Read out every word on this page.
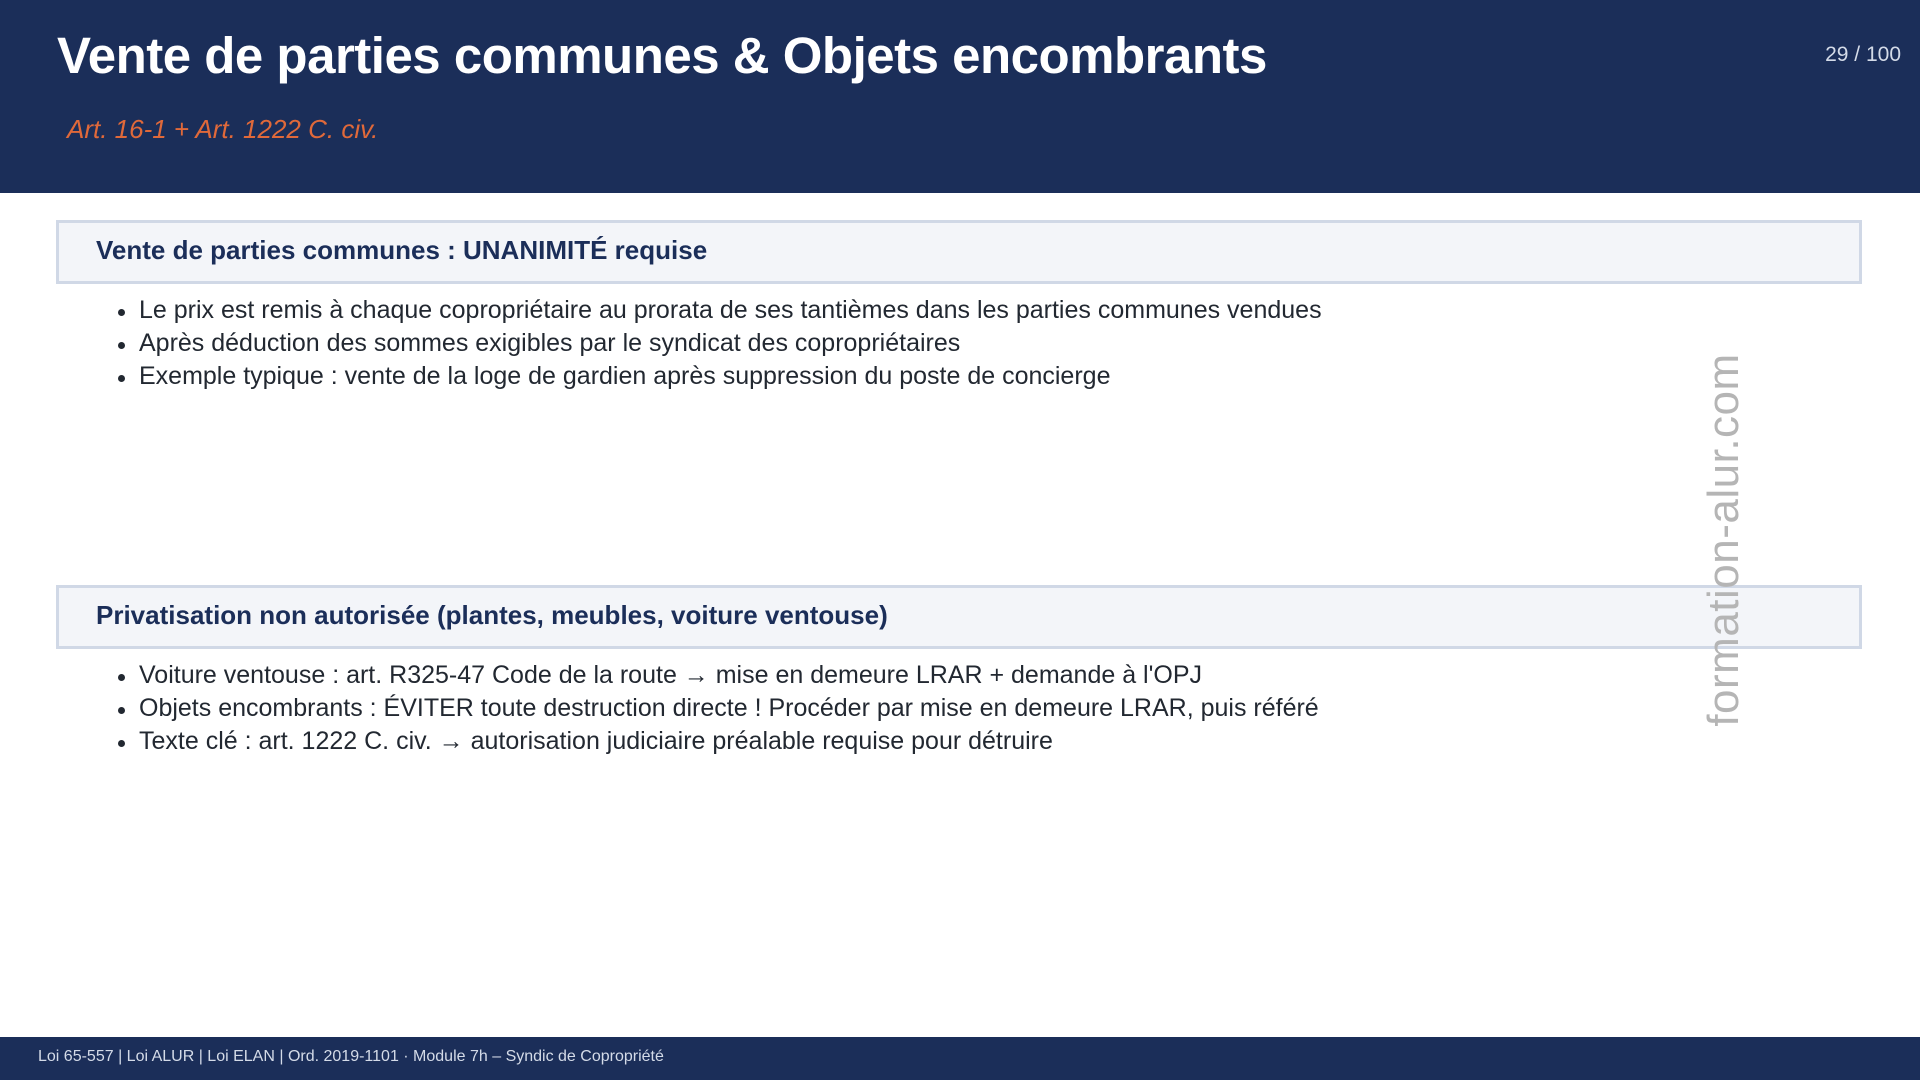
Vente de parties communes & Objets encombrants
Art. 16-1 + Art. 1222 C. civ.
29 / 100
Vente de parties communes : UNANIMITÉ requise
Le prix est remis à chaque copropriétaire au prorata de ses tantièmes dans les parties communes vendues
Après déduction des sommes exigibles par le syndicat des copropriétaires
Exemple typique : vente de la loge de gardien après suppression du poste de concierge
Privatisation non autorisée (plantes, meubles, voiture ventouse)
Voiture ventouse : art. R325-47 Code de la route → mise en demeure LRAR + demande à l'OPJ
Objets encombrants : ÉVITER toute destruction directe ! Procéder par mise en demeure LRAR, puis référé
Texte clé : art. 1222 C. civ. → autorisation judiciaire préalable requise pour détruire
formation-alur.com
Loi 65-557 | Loi ALUR | Loi ELAN | Ord. 2019-1101 · Module 7h – Syndic de Copropriété
